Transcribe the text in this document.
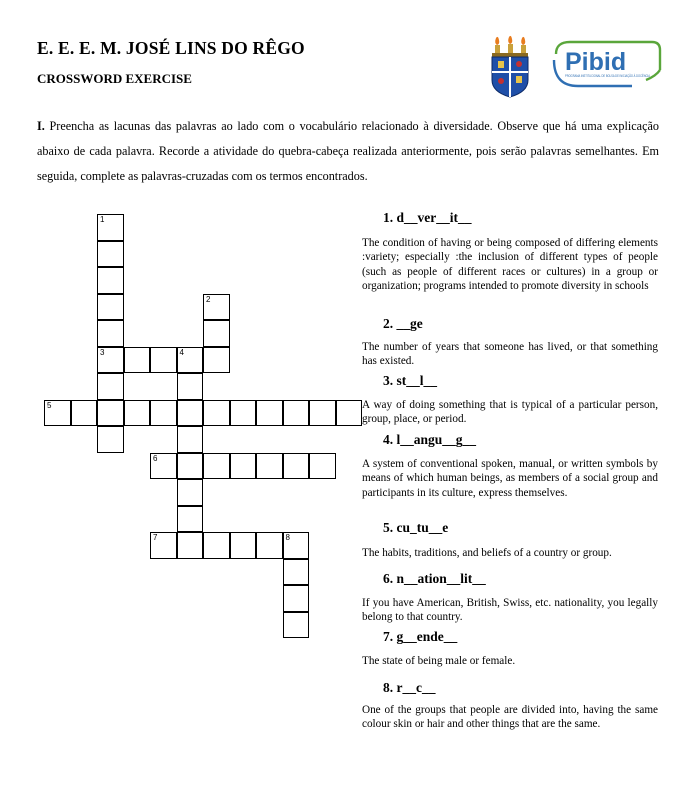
E. E. E. M. JOSÉ LINS DO RÊGO
CROSSWORD EXERCISE
Pibid
PROGRAMA INSTITUCIONAL DE BOLSA DE INICIAÇÃO À DOCÊNCIA
I. Preencha as lacunas das palavras ao lado com o vocabulário relacionado à diversidade. Observe que há uma explicação abaixo de cada palavra. Recorde a atividade do quebra-cabeça realizada anteriormente, pois serão palavras semelhantes. Em seguida, complete as palavras-cruzadas com os termos encontrados.
1
3
2
4
5
6
7	8
1. d__ver__it__
The condition of having or being composed of differing elements :variety; especially :the inclusion of different types of people (such as people of different races or cultures) in a group or organization; programs intended to promote diversity in schools
2. __ge
The number of years that someone has lived, or that something has existed.
3. st__l__
A way of doing something that is typical of a particular person, group, place, or period.
4. l__angu__g__
A system of conventional spoken, manual, or written symbols by means of which human beings, as members of a social group and participants in its culture, express themselves.
5. cu_tu__e
The habits, traditions, and beliefs of a country or group.
6. n__ation__lit__
If you have American, British, Swiss, etc. nationality, you legally belong to that country.
7. g__ende__
The state of being male or female.
8. r__c__
One of the groups that people are divided into, having the same colour skin or hair and other things that are the same.
